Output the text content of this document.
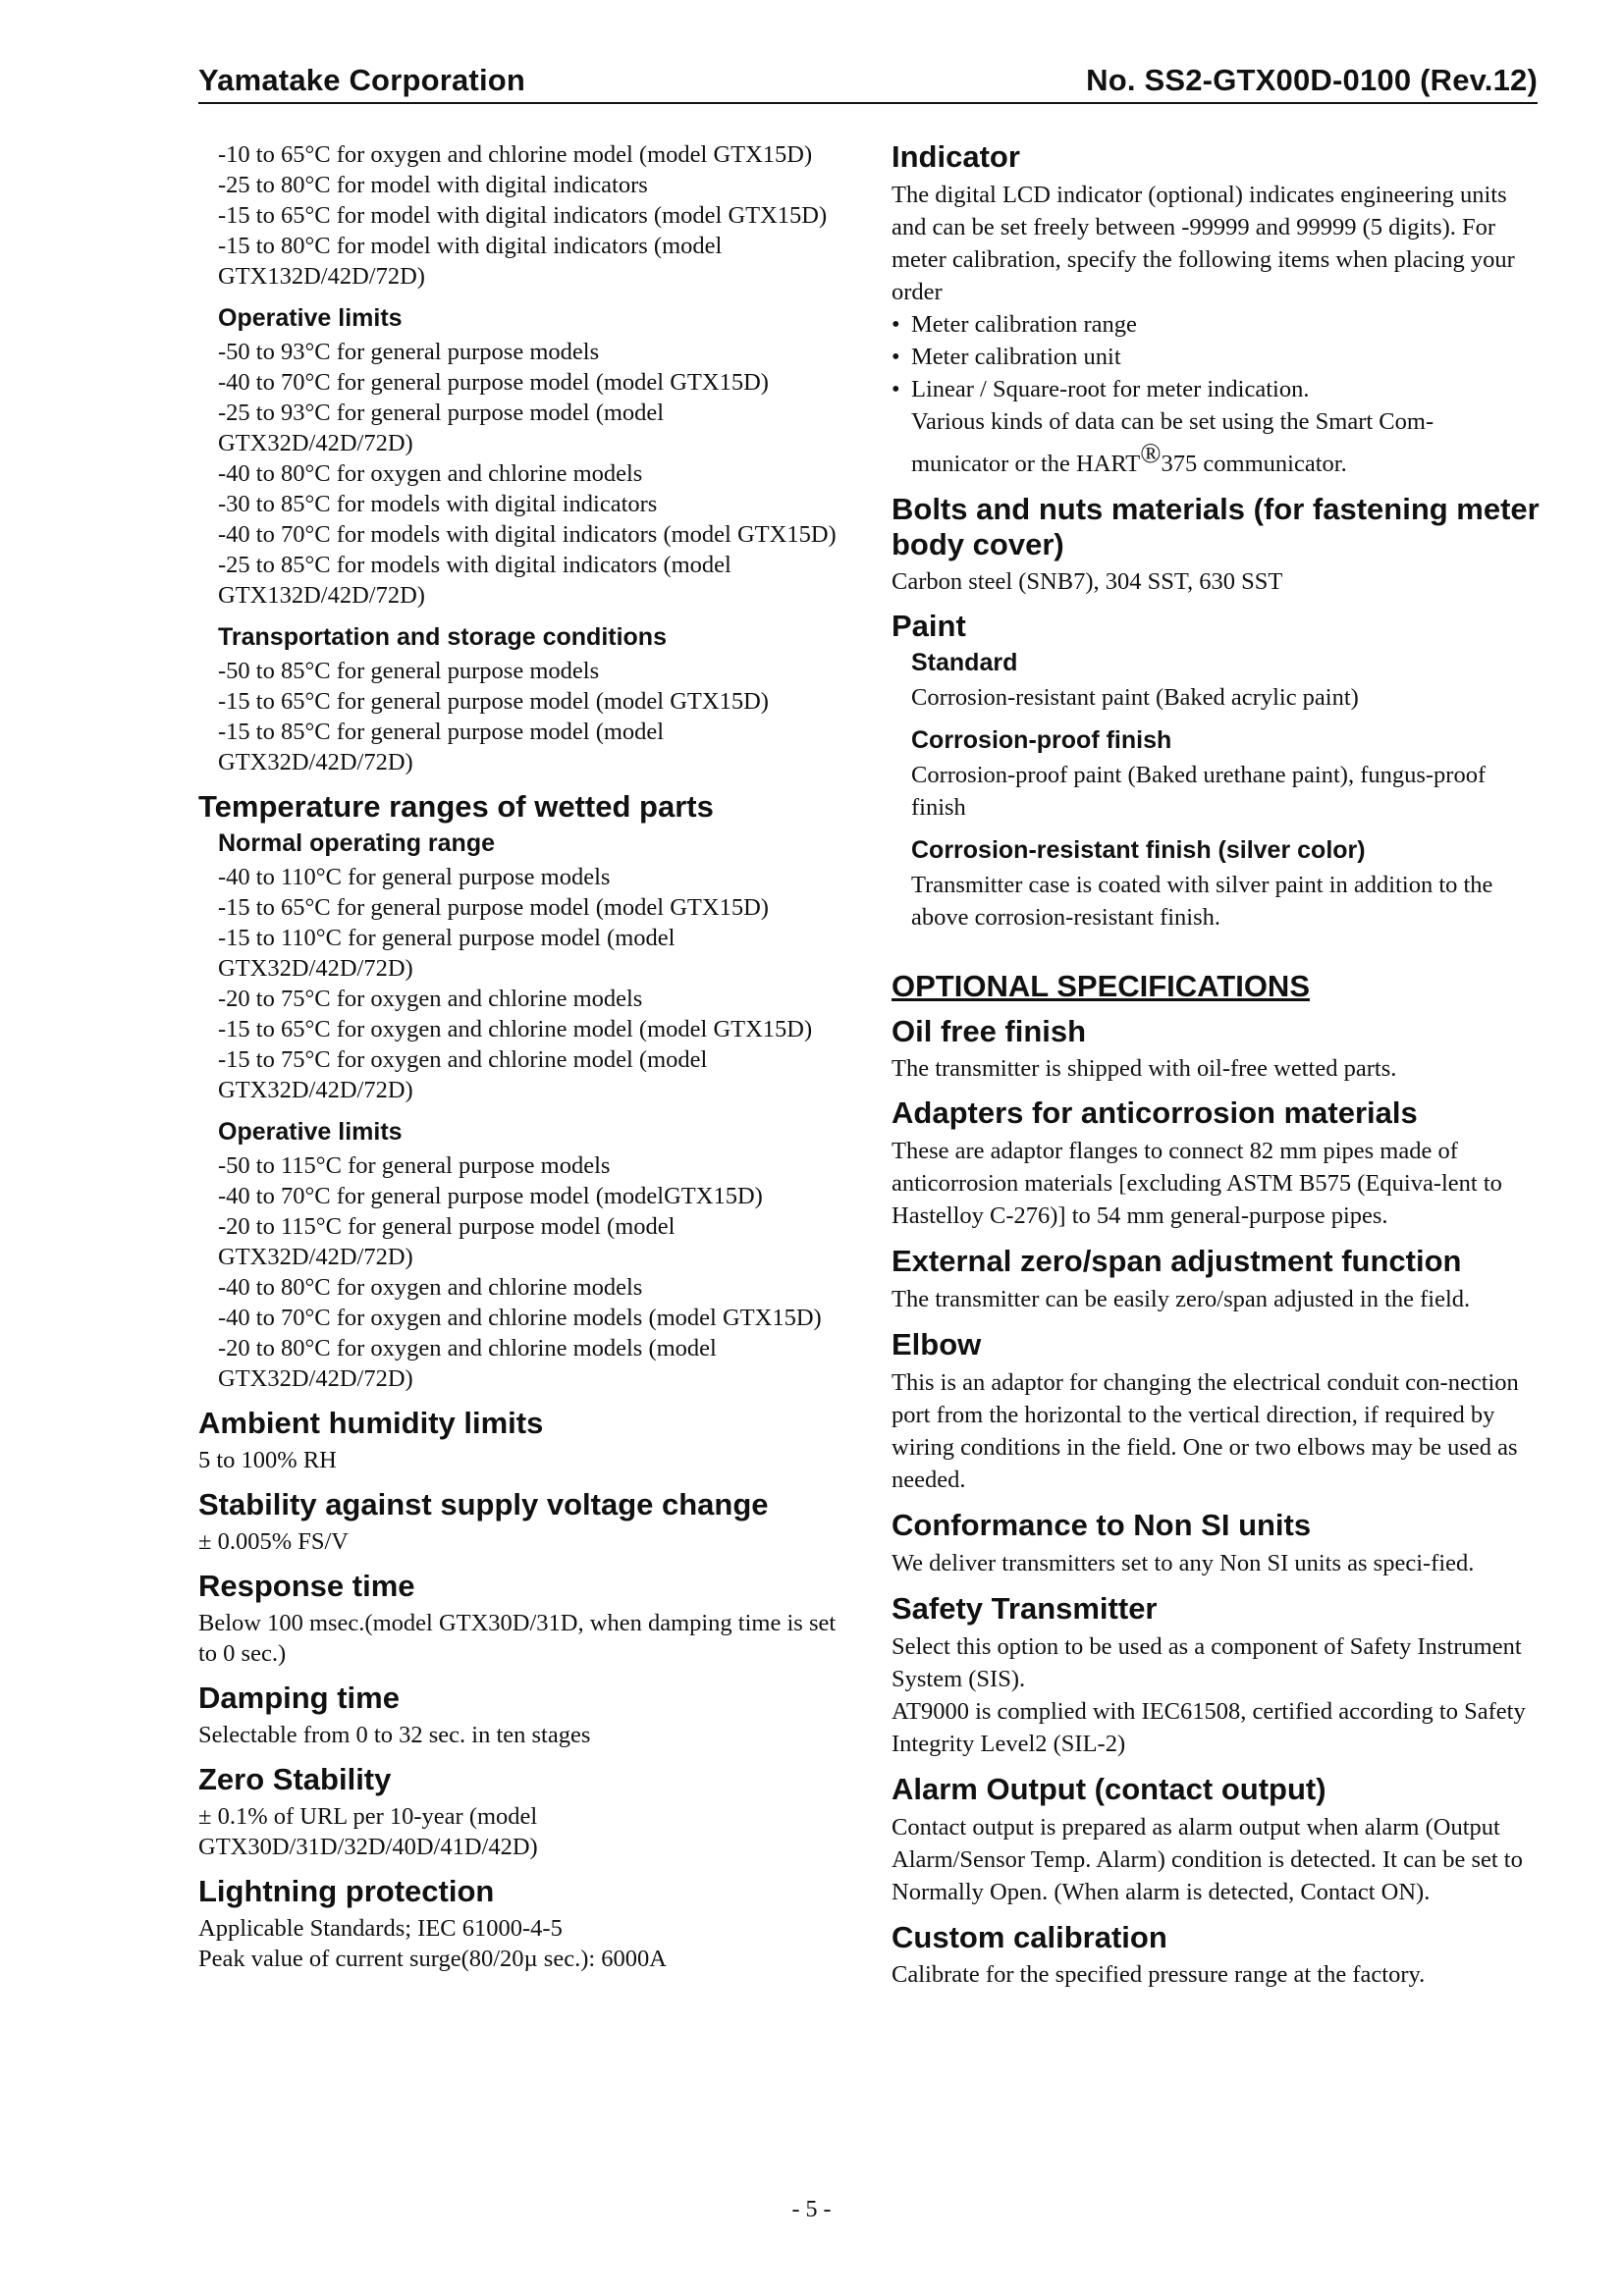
Yamatake Corporation	No. SS2-GTX00D-0100 (Rev.12)

-10 to 65°C for oxygen and chlorine model (model GTX15D)

-25 to 80°C for model with digital indicators

-15 to 65°C for model with digital indicators (model GTX15D)

-15 to 80°C for model with digital indicators (model GTX132D/42D/72D)

Operative limits

-50 to 93°C for general purpose models

-40 to 70°C for general purpose model (model GTX15D)

-25 to 93°C for general purpose model (model GTX32D/42D/72D)

-40 to 80°C for oxygen and chlorine models

-30 to 85°C for models with digital indicators

-40 to 70°C for models with digital indicators (model GTX15D)

-25 to 85°C for models with digital indicators (model GTX132D/42D/72D)

Transportation and storage conditions

-50 to 85°C for general purpose models

-15 to 65°C for general purpose model (model GTX15D)

-15 to 85°C for general purpose model (model GTX32D/42D/72D)

Temperature ranges of wetted parts
Normal operating range

-40 to 110°C for general purpose models

-15 to 65°C for general purpose model (model GTX15D)

-15 to 110°C for general purpose model (model GTX32D/42D/72D)

-20 to 75°C for oxygen and chlorine models

-15 to 65°C for oxygen and chlorine model (model GTX15D)

-15 to 75°C for oxygen and chlorine model (model GTX32D/42D/72D)

Operative limits

-50 to 115°C for general purpose models

-40 to 70°C for general purpose model (modelGTX15D)

-20 to 115°C for general purpose model (model GTX32D/42D/72D)

-40 to 80°C for oxygen and chlorine models

-40 to 70°C for oxygen and chlorine models (model GTX15D)

-20 to 80°C for oxygen and chlorine models (model GTX32D/42D/72D)

Ambient humidity limits

5 to 100% RH

Stability against supply voltage change

± 0.005% FS/V

Response time

Below 100 msec.(model GTX30D/31D, when damping time is set to 0 sec.)

Damping time

Selectable from 0 to 32 sec. in ten stages

Zero Stability

± 0.1% of URL per 10-year (model GTX30D/31D/32D/40D/41D/42D)

Lightning protection

Applicable Standards; IEC 61000-4-5

Peak value of current surge(80/20µ sec.): 6000A

Indicator

The digital LCD indicator (optional) indicates engineering units and can be set freely between -99999 and 99999 (5 digits). For meter calibration, specify the following items when placing your order

• Meter calibration range
• Meter calibration unit
• Linear / Square-root for meter indication.
Various kinds of data can be set using the Smart Com-
municator or the HART®375 communicator.
Bolts and nuts materials (for fastening meter body cover)

Carbon steel (SNB7), 304 SST, 630 SST

Paint
Standard

Corrosion-resistant paint (Baked acrylic paint)

Corrosion-proof finish

Corrosion-proof paint (Baked urethane paint), fungus-proof finish

Corrosion-resistant finish (silver color)

Transmitter case is coated with silver paint in addition to the above corrosion-resistant finish.

OPTIONAL SPECIFICATIONS
Oil free finish

The transmitter is shipped with oil-free wetted parts.

Adapters for anticorrosion materials

These are adaptor flanges to connect 82 mm pipes made of anticorrosion materials [excluding ASTM B575 (Equiva-lent to Hastelloy C-276)] to 54 mm general-purpose pipes.

External zero/span adjustment function

The transmitter can be easily zero/span adjusted in the field.

Elbow

This is an adaptor for changing the electrical conduit con-nection port from the horizontal to the vertical direction, if required by wiring conditions in the field. One or two elbows may be used as needed.

Conformance to Non SI units

We deliver transmitters set to any Non SI units as speci-fied.

Safety Transmitter

Select this option to be used as a component of Safety Instrument System (SIS).

AT9000 is complied with IEC61508, certified according to Safety Integrity Level2 (SIL-2)

Alarm Output (contact output)

Contact output is prepared as alarm output when alarm (Output Alarm/Sensor Temp. Alarm) condition is detected. It can be set to Normally Open. (When alarm is detected, Contact ON).

Custom calibration

Calibrate for the specified pressure range at the factory.

- 5 -
